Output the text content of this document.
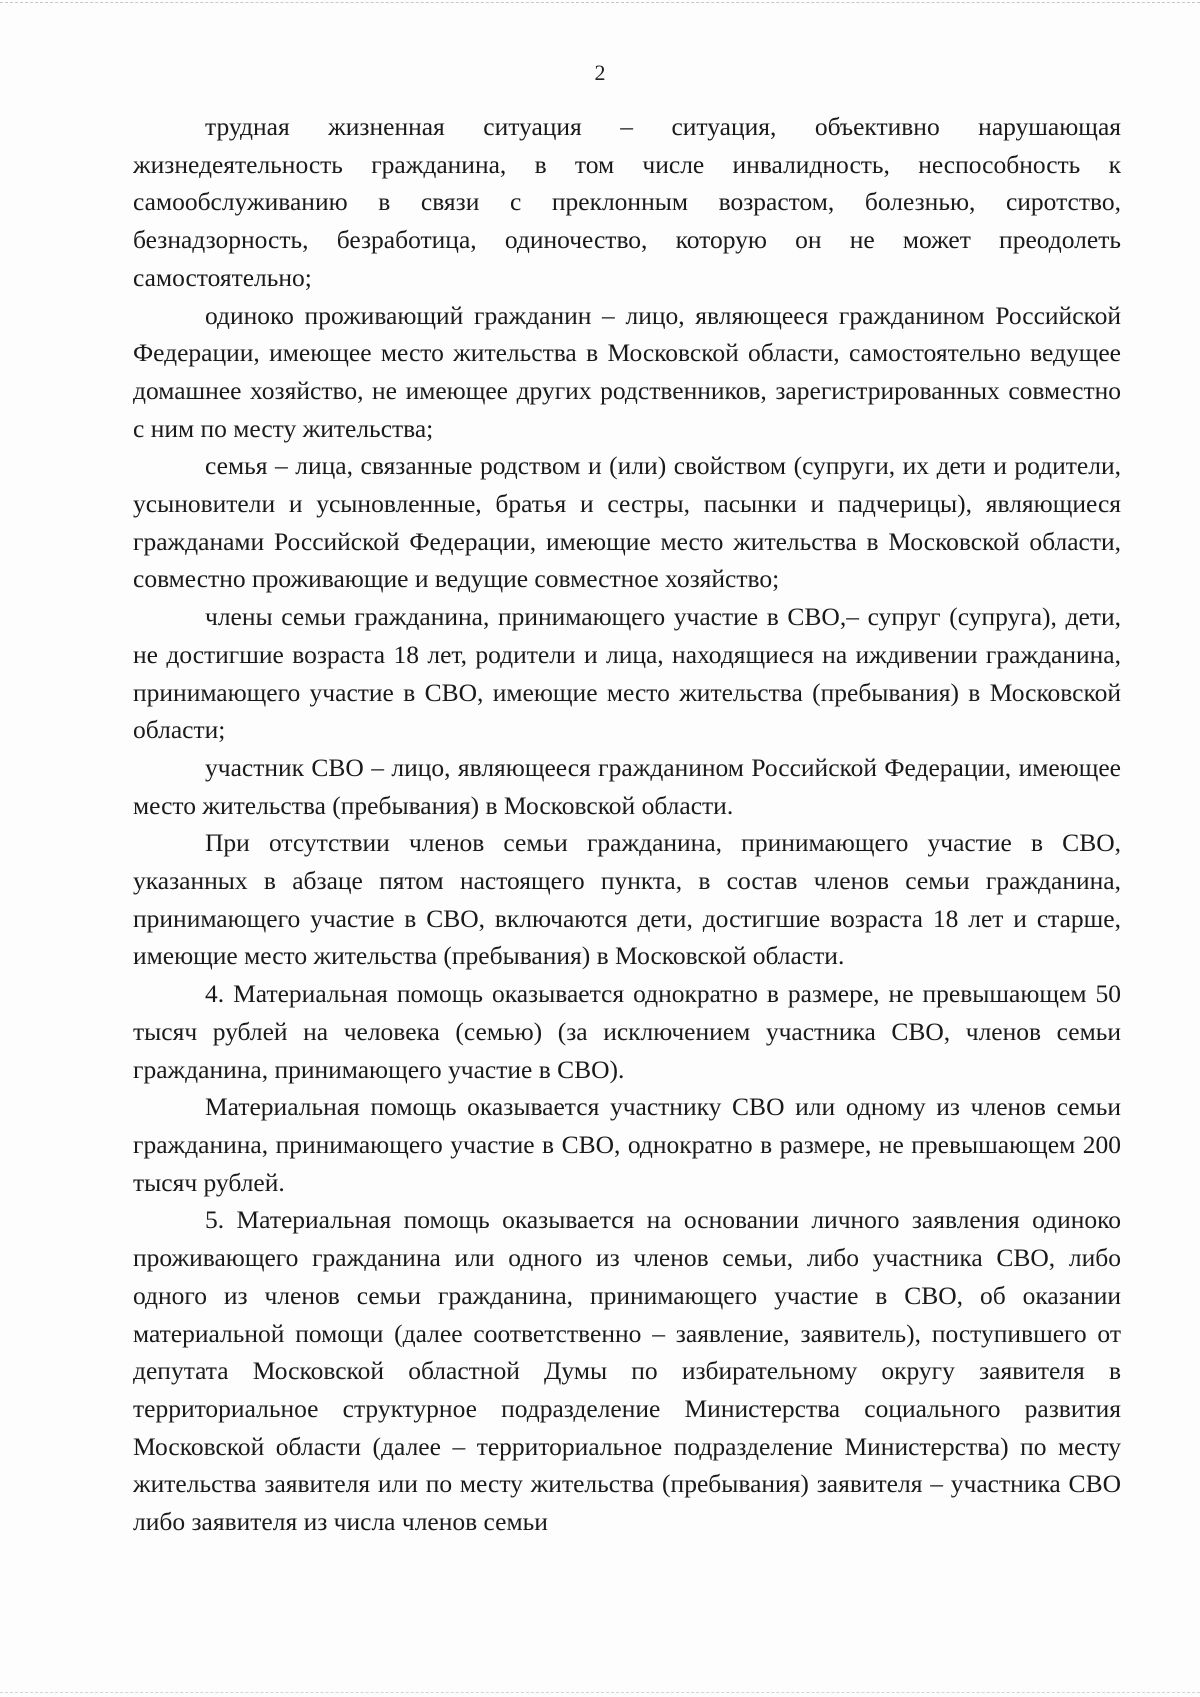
2

трудная жизненная ситуация – ситуация, объективно нарушающая жизнедеятельность гражданина, в том числе инвалидность, неспособность к самообслуживанию в связи с преклонным возрастом, болезнью, сиротство, безнадзорность, безработица, одиночество, которую он не может преодолеть самостоятельно;

одиноко проживающий гражданин – лицо, являющееся гражданином Российской Федерации, имеющее место жительства в Московской области, самостоятельно ведущее домашнее хозяйство, не имеющее других родственников, зарегистрированных совместно с ним по месту жительства;

семья – лица, связанные родством и (или) свойством (супруги, их дети и родители, усыновители и усыновленные, братья и сестры, пасынки и падчерицы), являющиеся гражданами Российской Федерации, имеющие место жительства в Московской области, совместно проживающие и ведущие совместное хозяйство;

члены семьи гражданина, принимающего участие в СВО,– супруг (супруга), дети, не достигшие возраста 18 лет, родители и лица, находящиеся на иждивении гражданина, принимающего участие в СВО, имеющие место жительства (пребывания) в Московской области;

участник СВО – лицо, являющееся гражданином Российской Федерации, имеющее место жительства (пребывания) в Московской области.

При отсутствии членов семьи гражданина, принимающего участие в СВО, указанных в абзаце пятом настоящего пункта, в состав членов семьи гражданина, принимающего участие в СВО, включаются дети, достигшие возраста 18 лет и старше, имеющие место жительства (пребывания) в Московской области.

4. Материальная помощь оказывается однократно в размере, не превышающем 50 тысяч рублей на человека (семью) (за исключением участника СВО, членов семьи гражданина, принимающего участие в СВО).

Материальная помощь оказывается участнику СВО или одному из членов семьи гражданина, принимающего участие в СВО, однократно в размере, не превышающем 200 тысяч рублей.

5. Материальная помощь оказывается на основании личного заявления одиноко проживающего гражданина или одного из членов семьи, либо участника СВО, либо одного из членов семьи гражданина, принимающего участие в СВО, об оказании материальной помощи (далее соответственно – заявление, заявитель), поступившего от депутата Московской областной Думы по избирательному округу заявителя в территориальное структурное подразделение Министерства социального развития Московской области (далее – территориальное подразделение Министерства) по месту жительства заявителя или по месту жительства (пребывания) заявителя – участника СВО либо заявителя из числа членов семьи
